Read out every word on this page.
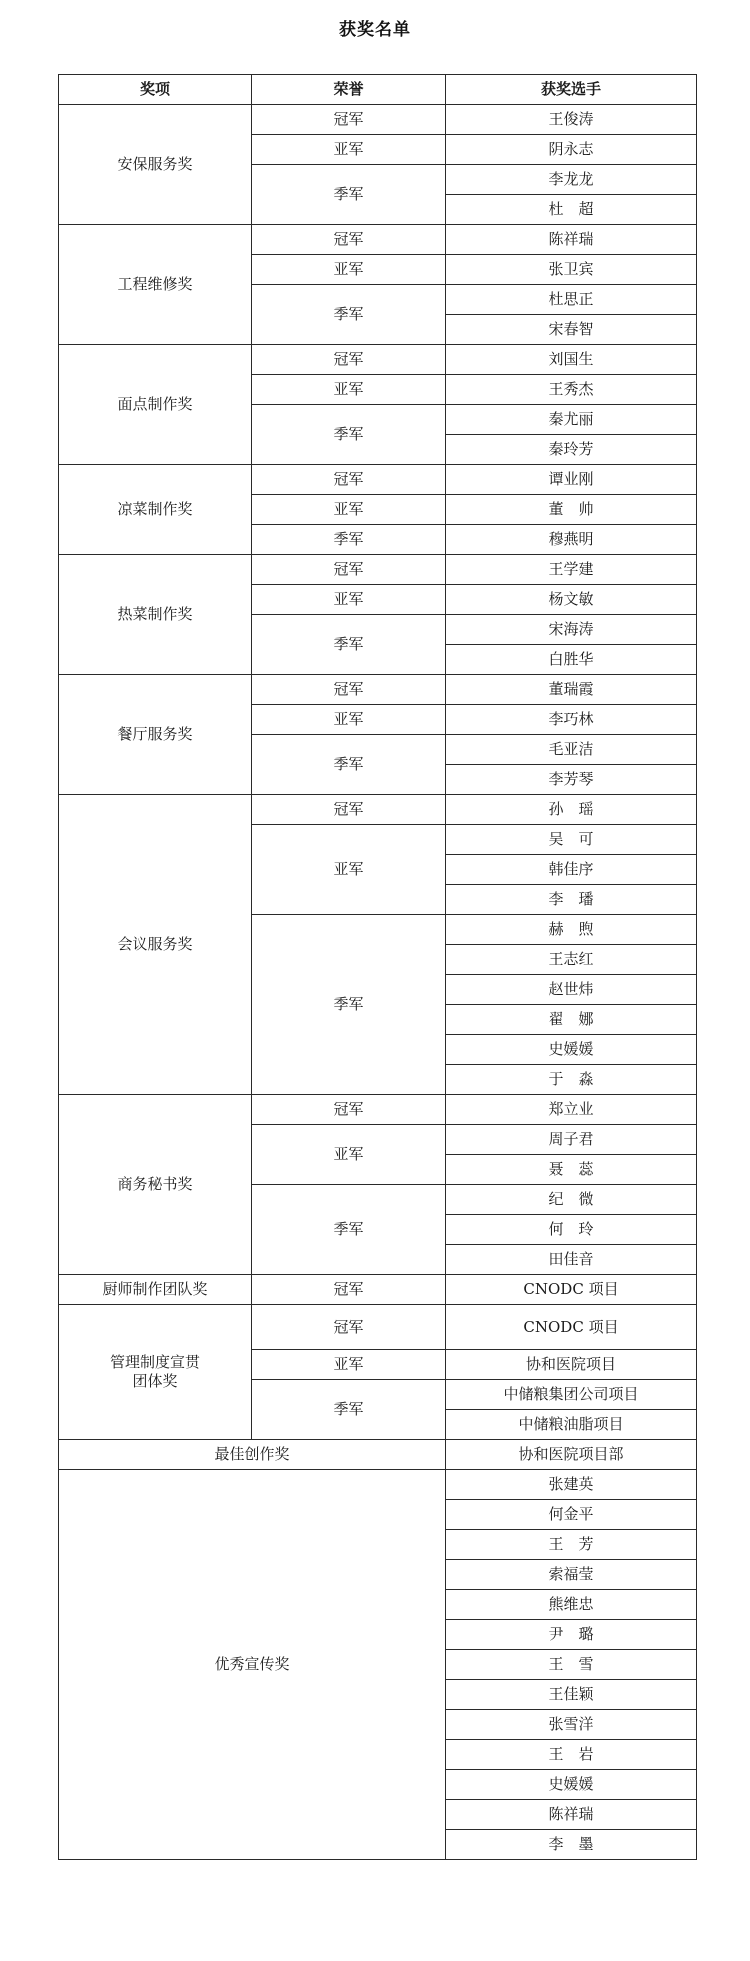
获奖名单
奖项	荣誉	获奖选手
安保服务奖	冠军	王俊涛
	亚军	阴永志
	季军	李龙龙
		杜　超
工程维修奖	冠军	陈祥瑞
	亚军	张卫宾
	季军	杜思正
		宋春智
面点制作奖	冠军	刘国生
	亚军	王秀杰
	季军	秦尤丽
		秦玲芳
凉菜制作奖	冠军	谭业刚
	亚军	董　帅
	季军	穆燕明
热菜制作奖	冠军	王学建
	亚军	杨文敏
	季军	宋海涛
		白胜华
餐厅服务奖	冠军	董瑞霞
	亚军	李巧林
	季军	毛亚洁
		李芳琴
会议服务奖	冠军	孙　瑶
	亚军	吴　可
		韩佳序
		李　璠
	季军	赫　煦
		王志红
		赵世炜
		翟　娜
		史媛媛
		于　淼
商务秘书奖	冠军	郑立业
	亚军	周子君
		聂　蕊
	季军	纪　微
		何　玲
		田佳音
厨师制作团队奖	冠军	CNODC 项目

管理制度宣贯
团体奖	冠军	CNODC 项目
	亚军	协和医院项目
	季军	中储粮集团公司项目
		中储粮油脂项目
最佳创作奖		协和医院项目部
优秀宣传奖		张建英
		何金平
		王　芳
		索福莹
		熊维忠
		尹　璐
		王　雪
		王佳颖
		张雪洋
		王　岩
		史媛媛
		陈祥瑞
		李　墨
